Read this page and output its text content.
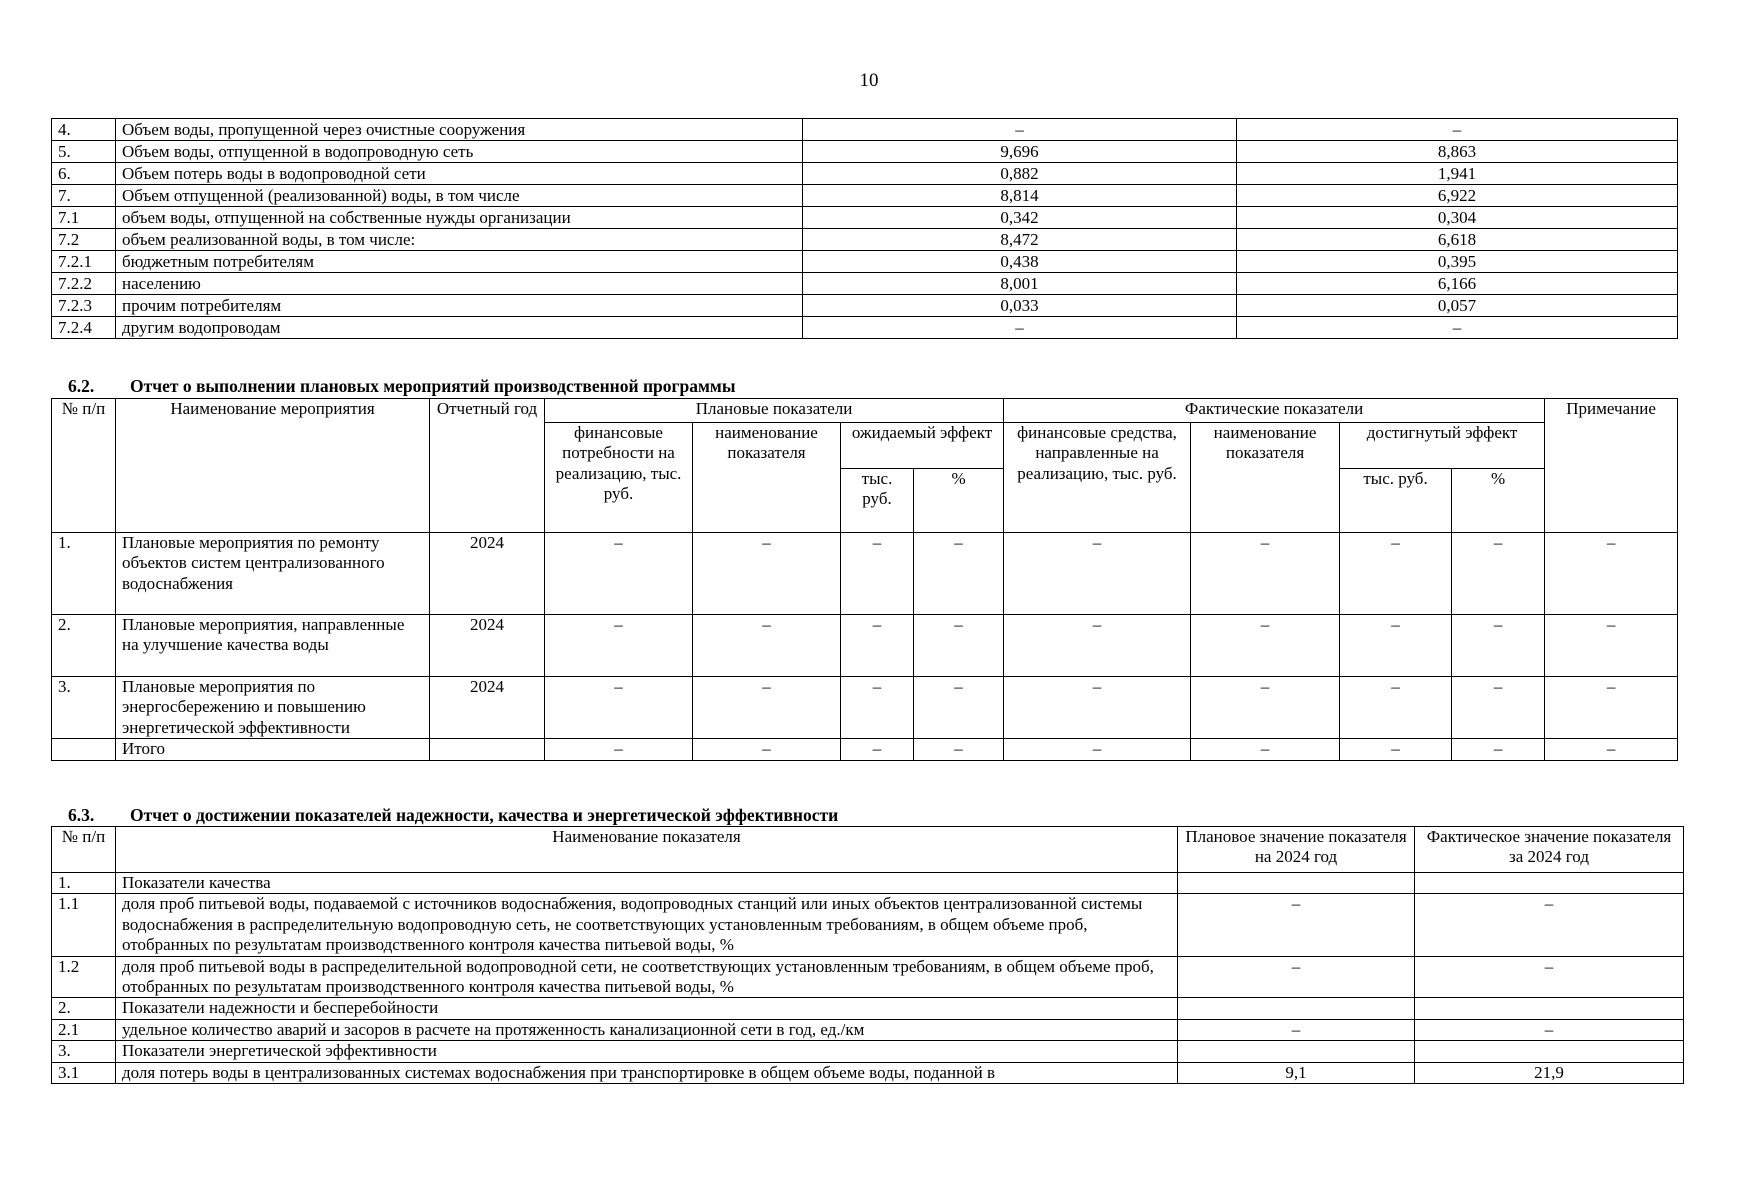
10
4.	Объем воды, пропущенной через очистные сооружения	–	–
5.	Объем воды, отпущенной в водопроводную сеть	9,696	8,863
6.	Объем потерь воды в водопроводной сети	0,882	1,941
7.	Объем отпущенной (реализованной) воды, в том числе	8,814	6,922
7.1	объем воды, отпущенной на собственные нужды организации	0,342	0,304
7.2	объем реализованной воды, в том числе:	8,472	6,618
7.2.1	бюджетным потребителям	0,438	0,395
7.2.2	населению	8,001	6,166
7.2.3	прочим потребителям	0,033	0,057
7.2.4	другим водопроводам	–	–
6.2. Отчет о выполнении плановых мероприятий производственной программы
№ п/п	Наименование мероприятия	Отчетный год	Плановые показатели				Фактические показатели				Примечание
			финансовые потребности на реализацию, тыс. руб.	наименование показателя	ожидаемый эффект		финансовые средства, направленные на реализацию, тыс. руб.	наименование показателя	достигнутый эффект		
					тыс. руб.	%			тыс. руб.	%	
1.	Плановые мероприятия по ремонту объектов систем централизованного водоснабжения	2024	–	–	–	–	–	–	–	–	–
2.	Плановые мероприятия, направленные на улучшение качества воды	2024	–	–	–	–	–	–	–	–	–
3.	Плановые мероприятия по энергосбережению и повышению энергетической эффективности	2024	–	–	–	–	–	–	–	–	–
	Итого		–	–	–	–	–	–	–	–	–
6.3. Отчет о достижении показателей надежности, качества и энергетической эффективности
№ п/п	Наименование показателя	Плановое значение показателя на 2024 год	Фактическое значение показателя за 2024 год
1.	Показатели качества		
1.1	доля проб питьевой воды, подаваемой с источников водоснабжения, водопроводных станций или иных объектов централизованной системы водоснабжения в распределительную водопроводную сеть, не соответствующих установленным требованиям, в общем объеме проб, отобранных по результатам производственного контроля качества питьевой воды, %	–	–
1.2	доля проб питьевой воды в распределительной водопроводной сети, не соответствующих установленным требованиям, в общем объеме проб, отобранных по результатам производственного контроля качества питьевой воды, %	–	–
2.	Показатели надежности и бесперебойности		
2.1	удельное количество аварий и засоров в расчете на протяженность канализационной сети в год, ед./км	–	–
3.	Показатели энергетической эффективности		
3.1	доля потерь воды в централизованных системах водоснабжения при транспортировке в общем объеме воды, поданной в	9,1	21,9
